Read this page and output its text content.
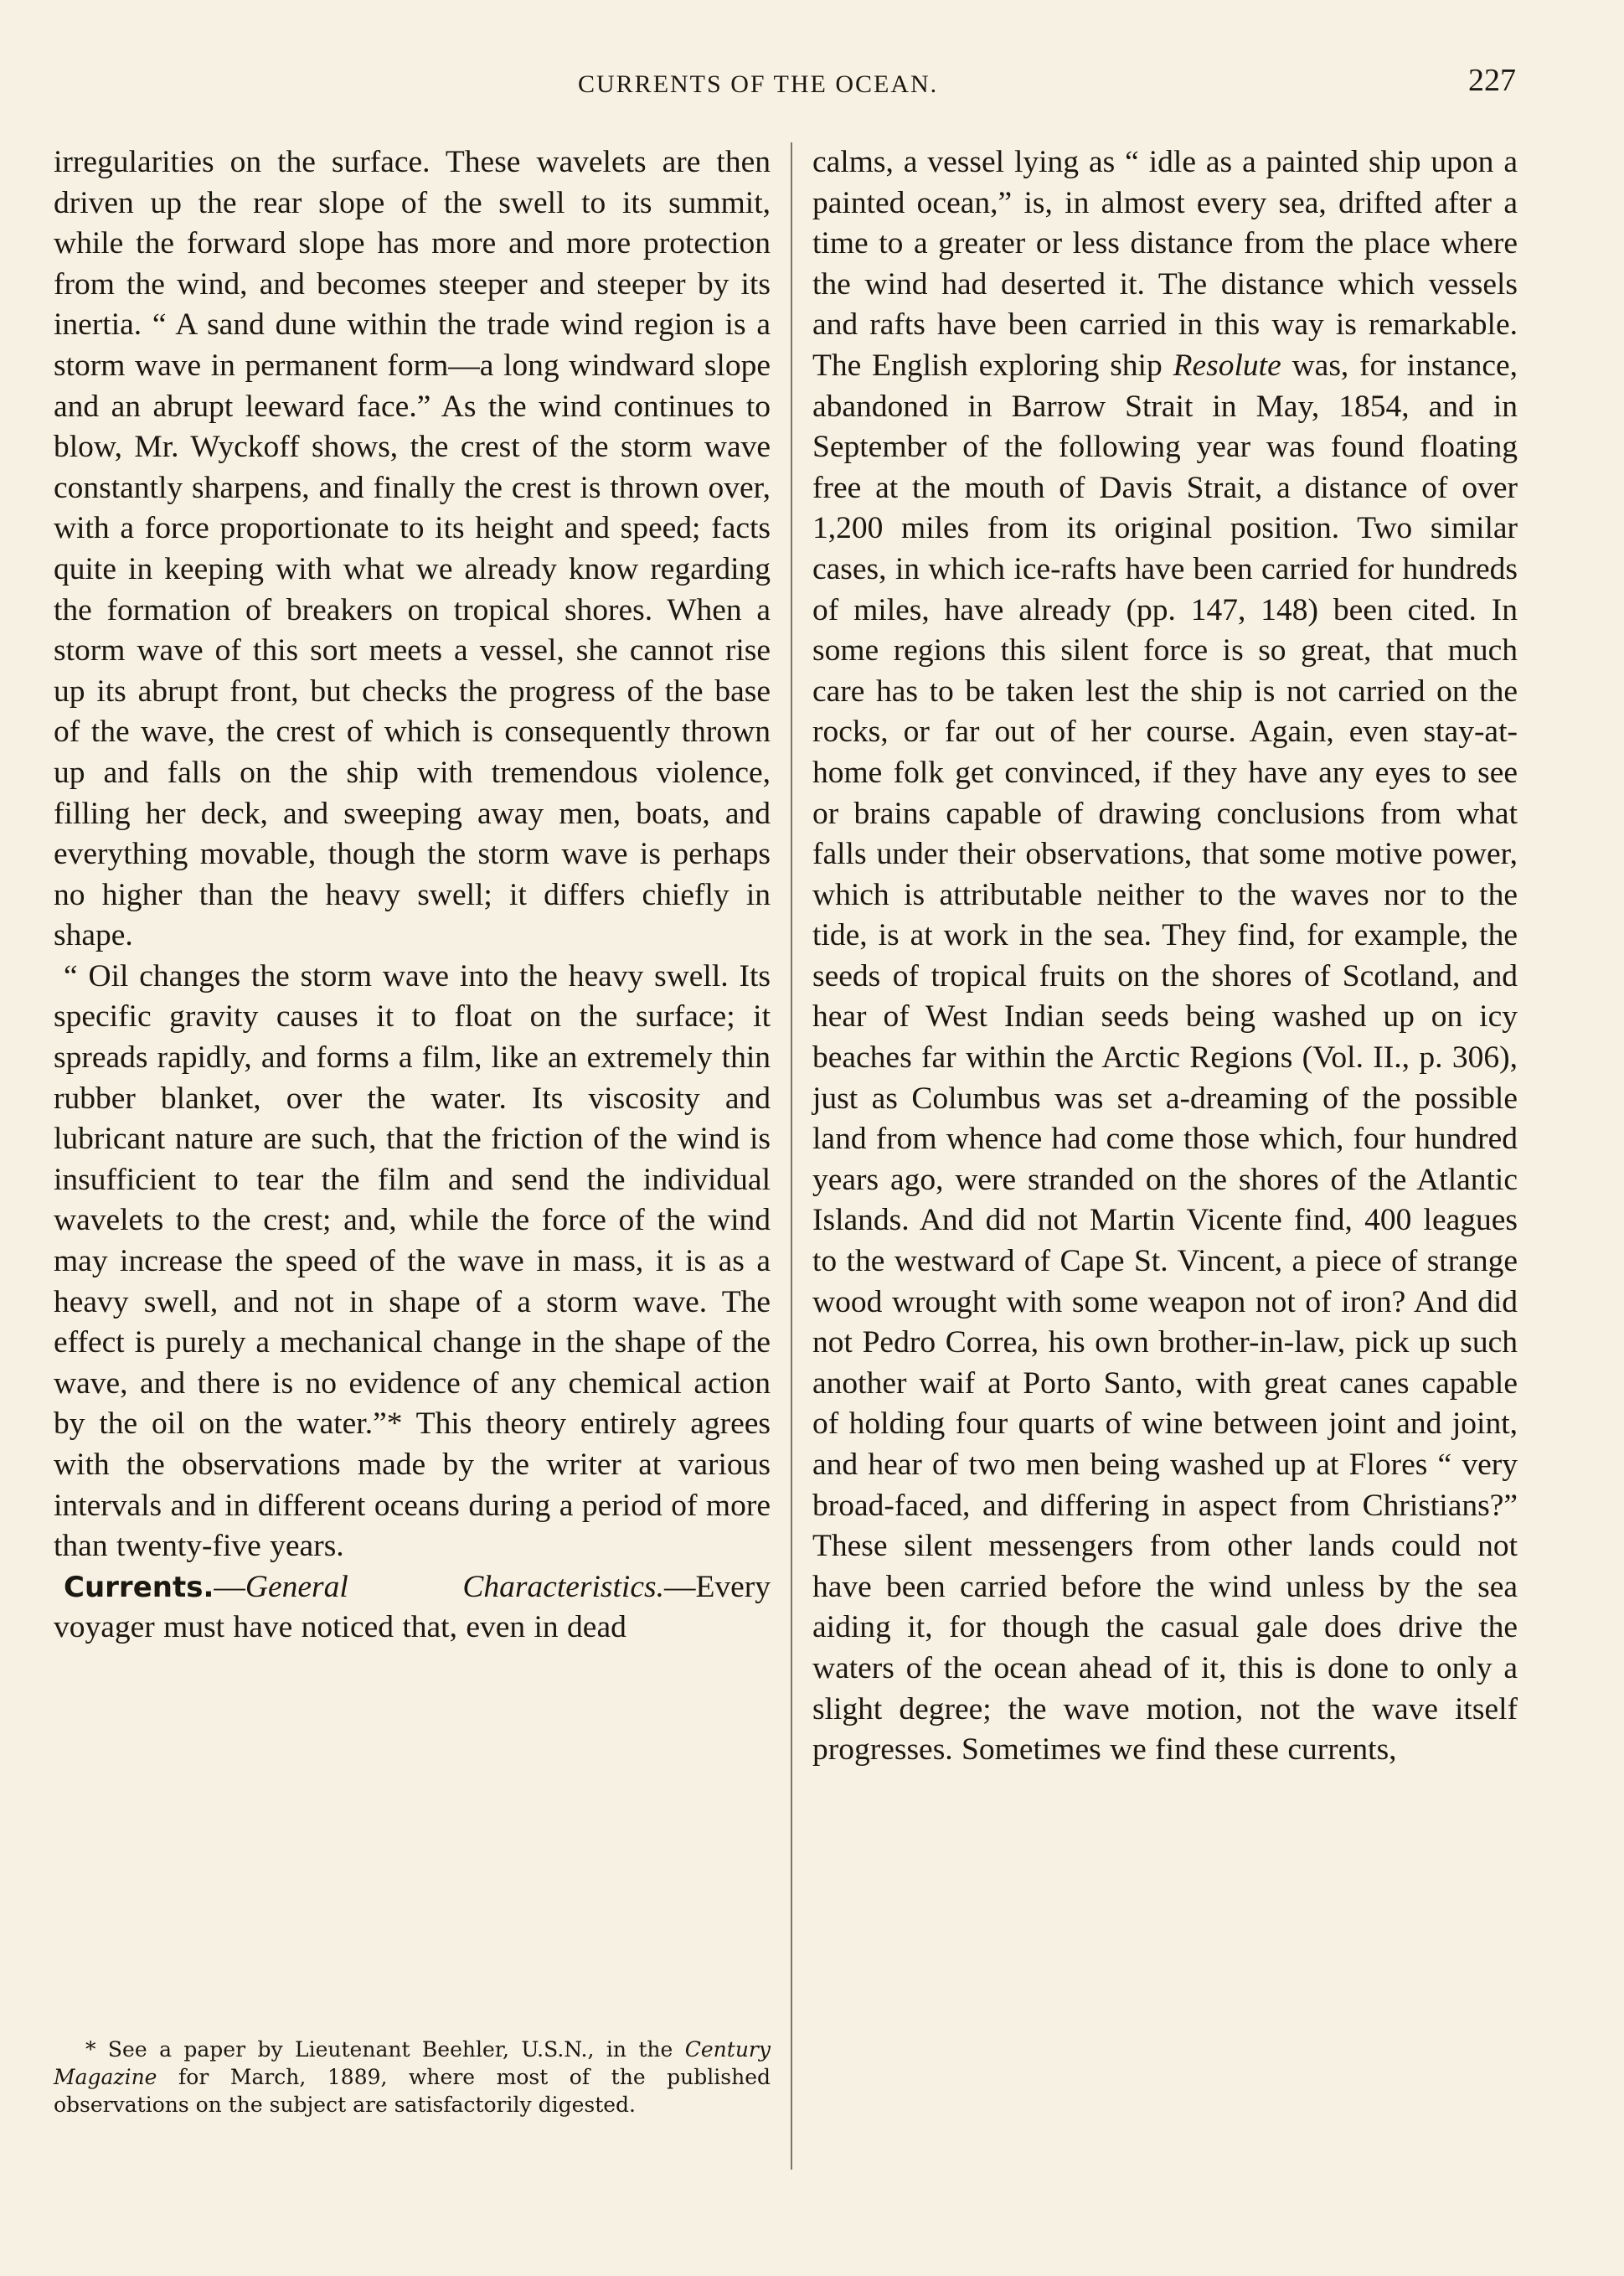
CURRENTS OF THE OCEAN.	227

irregularities on the surface. These wavelets are then driven up the rear slope of the swell to its summit, while the forward slope has more and more protection from the wind, and becomes steeper and steeper by its inertia. “ A sand dune within the trade wind region is a storm wave in permanent form—a long windward slope and an abrupt leeward face.” As the wind continues to blow, Mr. Wyckoff shows, the crest of the storm wave constantly sharpens, and finally the crest is thrown over, with a force proportionate to its height and speed; facts quite in keeping with what we already know regarding the formation of breakers on tropical shores. When a storm wave of this sort meets a vessel, she cannot rise up its abrupt front, but checks the progress of the base of the wave, the crest of which is consequently thrown up and falls on the ship with tremendous violence, filling her deck, and sweeping away men, boats, and everything movable, though the storm wave is perhaps no higher than the heavy swell; it differs chiefly in shape.

“ Oil changes the storm wave into the heavy swell. Its specific gravity causes it to float on the surface; it spreads rapidly, and forms a film, like an extremely thin rubber blanket, over the water. Its viscosity and lubricant nature are such, that the friction of the wind is insufficient to tear the film and send the individual wavelets to the crest; and, while the force of the wind may increase the speed of the wave in mass, it is as a heavy swell, and not in shape of a storm wave. The effect is purely a mechanical change in the shape of the wave, and there is no evidence of any chemical action by the oil on the water.”* This theory entirely agrees with the observations made by the writer at various intervals and in different oceans during a period of more than twenty-five years.

Currents.—General Characteristics.—Every voyager must have noticed that, even in dead

calms, a vessel lying as “ idle as a painted ship upon a painted ocean,” is, in almost every sea, drifted after a time to a greater or less distance from the place where the wind had deserted it. The distance which vessels and rafts have been carried in this way is remarkable. The English exploring ship Resolute was, for instance, abandoned in Barrow Strait in May, 1854, and in September of the following year was found floating free at the mouth of Davis Strait, a distance of over 1,200 miles from its original position. Two similar cases, in which ice-rafts have been carried for hundreds of miles, have already (pp. 147, 148) been cited. In some regions this silent force is so great, that much care has to be taken lest the ship is not carried on the rocks, or far out of her course. Again, even stay-at-home folk get convinced, if they have any eyes to see or brains capable of drawing conclusions from what falls under their observations, that some motive power, which is attributable neither to the waves nor to the tide, is at work in the sea. They find, for example, the seeds of tropical fruits on the shores of Scotland, and hear of West Indian seeds being washed up on icy beaches far within the Arctic Regions (Vol. II., p. 306), just as Columbus was set a-dreaming of the possible land from whence had come those which, four hundred years ago, were stranded on the shores of the Atlantic Islands. And did not Martin Vicente find, 400 leagues to the westward of Cape St. Vincent, a piece of strange wood wrought with some weapon not of iron? And did not Pedro Correa, his own brother-in-law, pick up such another waif at Porto Santo, with great canes capable of holding four quarts of wine between joint and joint, and hear of two men being washed up at Flores “ very broad-faced, and differing in aspect from Christians?” These silent messengers from other lands could not have been carried before the wind unless by the sea aiding it, for though the casual gale does drive the waters of the ocean ahead of it, this is done to only a slight degree; the wave motion, not the wave itself progresses. Sometimes we find these currents,

* See a paper by Lieutenant Beehler, U.S.N., in the Century Magazine for March, 1889, where most of the published observations on the subject are satisfactorily digested.
